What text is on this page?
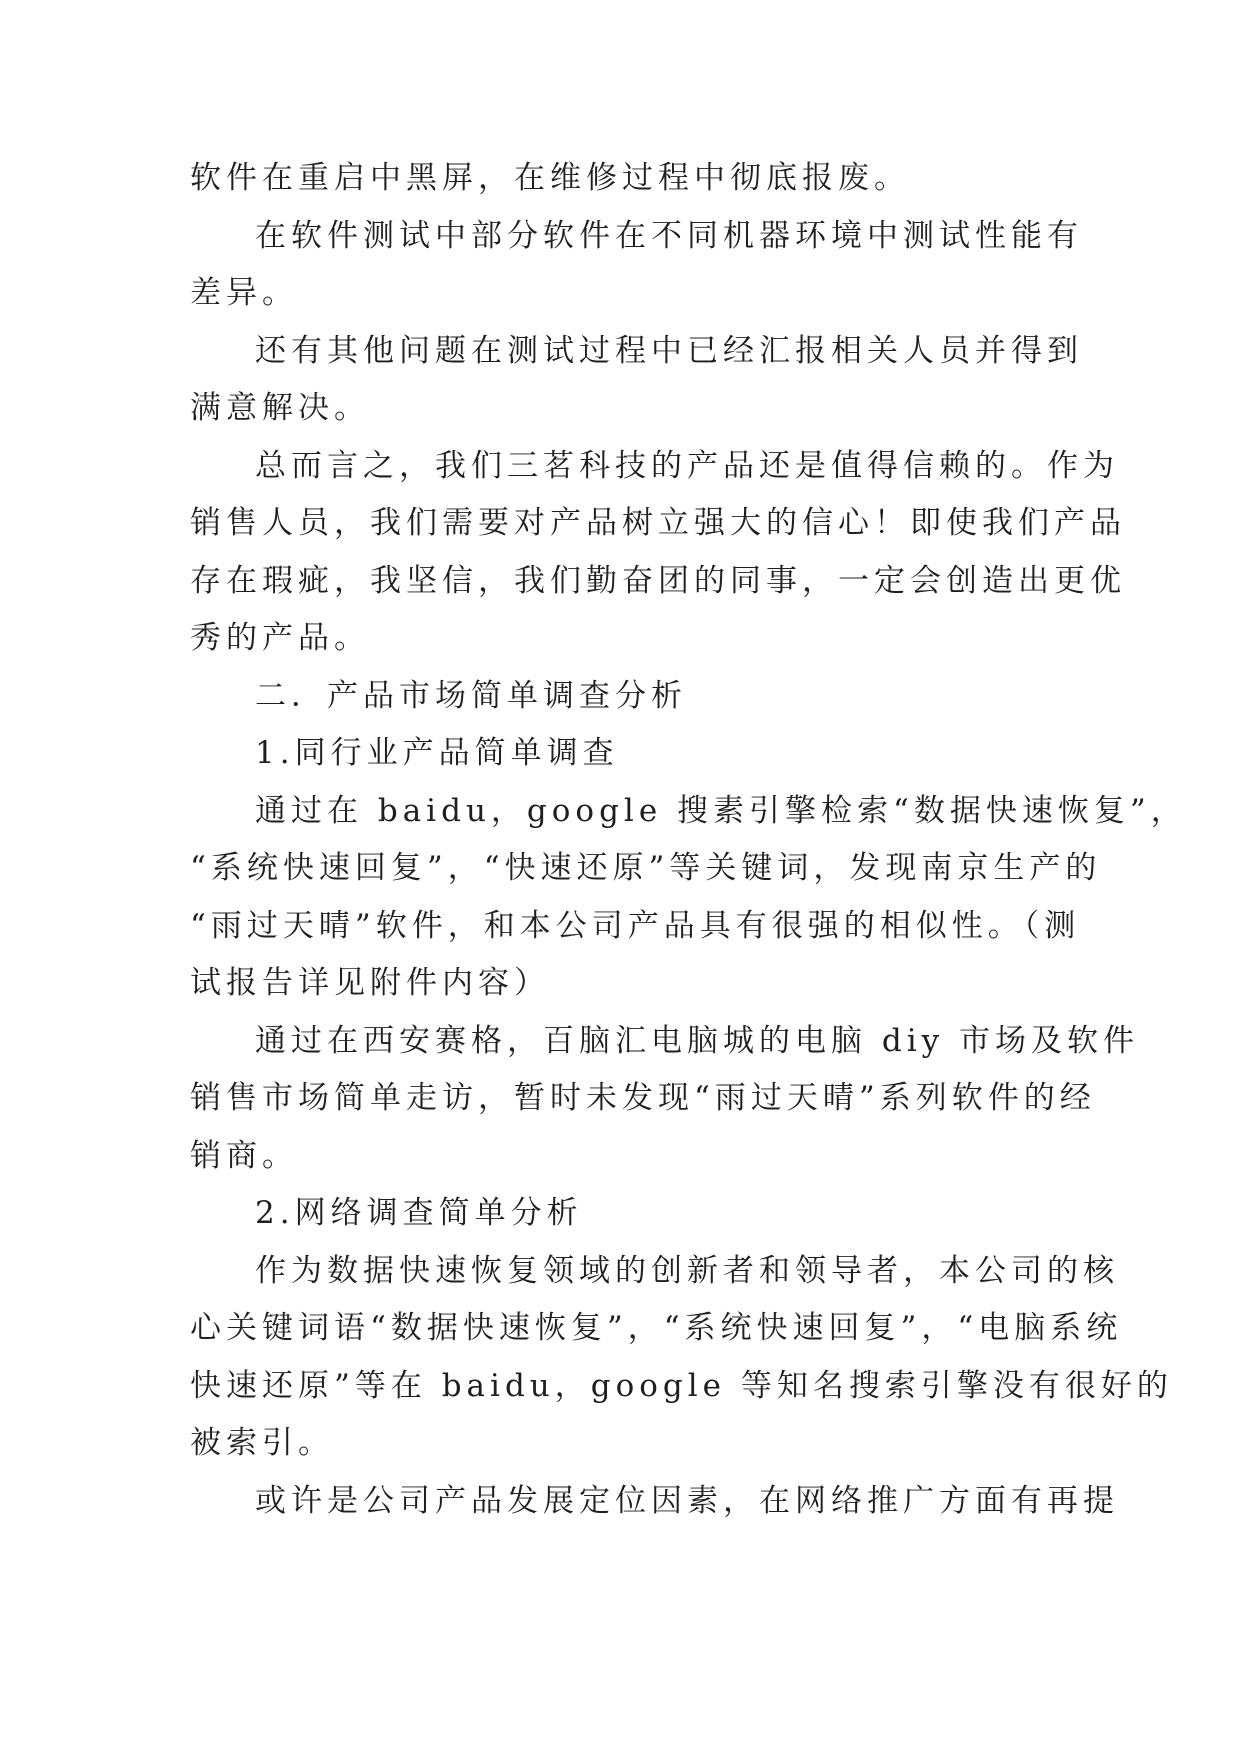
软件在重启中黑屏，在维修过程中彻底报废。
在软件测试中部分软件在不同机器环境中测试性能有
差异。
还有其他问题在测试过程中已经汇报相关人员并得到
满意解决。
总而言之，我们三茗科技的产品还是值得信赖的。作为
销售人员，我们需要对产品树立强大的信心！即使我们产品
存在瑕疵，我坚信，我们勤奋团的同事，一定会创造出更优
秀的产品。
二．产品市场简单调查分析
1.同行业产品简单调查
通过在 baidu，google 搜素引擎检索“数据快速恢复”，
“系统快速回复”，“快速还原”等关键词，发现南京生产的
“雨过天晴”软件，和本公司产品具有很强的相似性。（测
试报告详见附件内容）
通过在西安赛格，百脑汇电脑城的电脑 diy 市场及软件
销售市场简单走访，暂时未发现“雨过天晴”系列软件的经
销商。
2.网络调查简单分析
作为数据快速恢复领域的创新者和领导者，本公司的核
心关键词语“数据快速恢复”，“系统快速回复”，“电脑系统
快速还原”等在 baidu，google 等知名搜索引擎没有很好的
被索引。
或许是公司产品发展定位因素，在网络推广方面有再提
